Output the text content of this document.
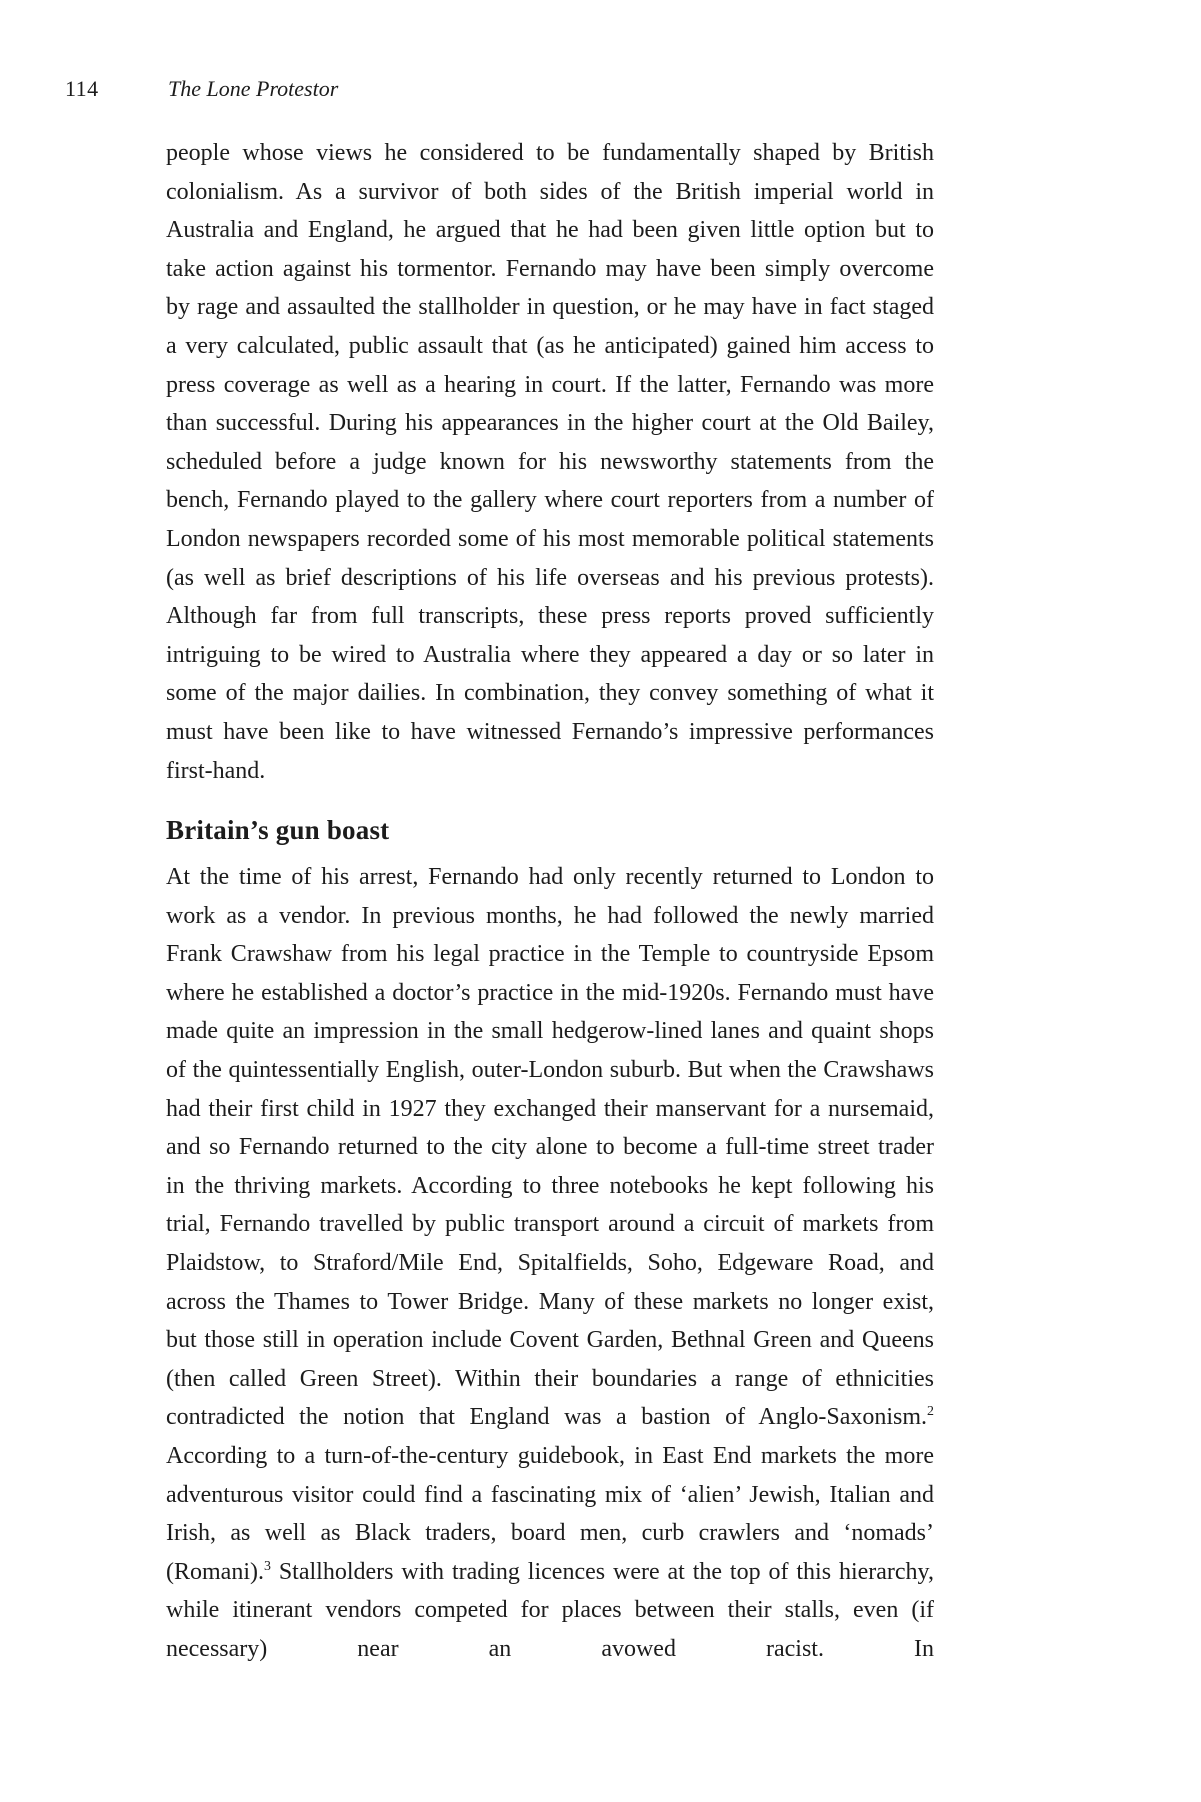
114	The Lone Protestor

people whose views he considered to be fundamentally shaped by British colonialism. As a survivor of both sides of the British imperial world in Australia and England, he argued that he had been given little option but to take action against his tormentor. Fernando may have been simply overcome by rage and assaulted the stallholder in question, or he may have in fact staged a very calculated, public assault that (as he anticipated) gained him access to press coverage as well as a hearing in court. If the latter, Fernando was more than successful. During his appearances in the higher court at the Old Bailey, scheduled before a judge known for his newsworthy statements from the bench, Fernando played to the gallery where court reporters from a number of London newspapers recorded some of his most memorable political statements (as well as brief descriptions of his life overseas and his previous protests). Although far from full transcripts, these press reports proved sufficiently intriguing to be wired to Australia where they appeared a day or so later in some of the major dailies. In combination, they convey something of what it must have been like to have witnessed Fernando’s impressive performances first-hand.

Britain’s gun boast

At the time of his arrest, Fernando had only recently returned to London to work as a vendor. In previous months, he had followed the newly married Frank Crawshaw from his legal practice in the Temple to countryside Epsom where he established a doctor’s practice in the mid-1920s. Fernando must have made quite an impression in the small hedgerow-lined lanes and quaint shops of the quintessentially English, outer-London suburb. But when the Crawshaws had their first child in 1927 they exchanged their manservant for a nursemaid, and so Fernando returned to the city alone to become a full-time street trader in the thriving markets. According to three notebooks he kept following his trial, Fernando travelled by public transport around a circuit of markets from Plaidstow, to Straford/Mile End, Spitalfields, Soho, Edgeware Road, and across the Thames to Tower Bridge. Many of these markets no longer exist, but those still in operation include Covent Garden, Bethnal Green and Queens (then called Green Street). Within their boundaries a range of ethnicities contradicted the notion that England was a bastion of Anglo-Saxonism.$^2$ According to a turn-of-the-century guidebook, in East End markets the more adventurous visitor could find a fascinating mix of ‘alien’ Jewish, Italian and Irish, as well as Black traders, board men, curb crawlers and ‘nomads’ (Romani).$^3$ Stallholders with trading licences were at the top of this hierarchy, while itinerant vendors competed for places between their stalls, even (if necessary) near an avowed racist. In
